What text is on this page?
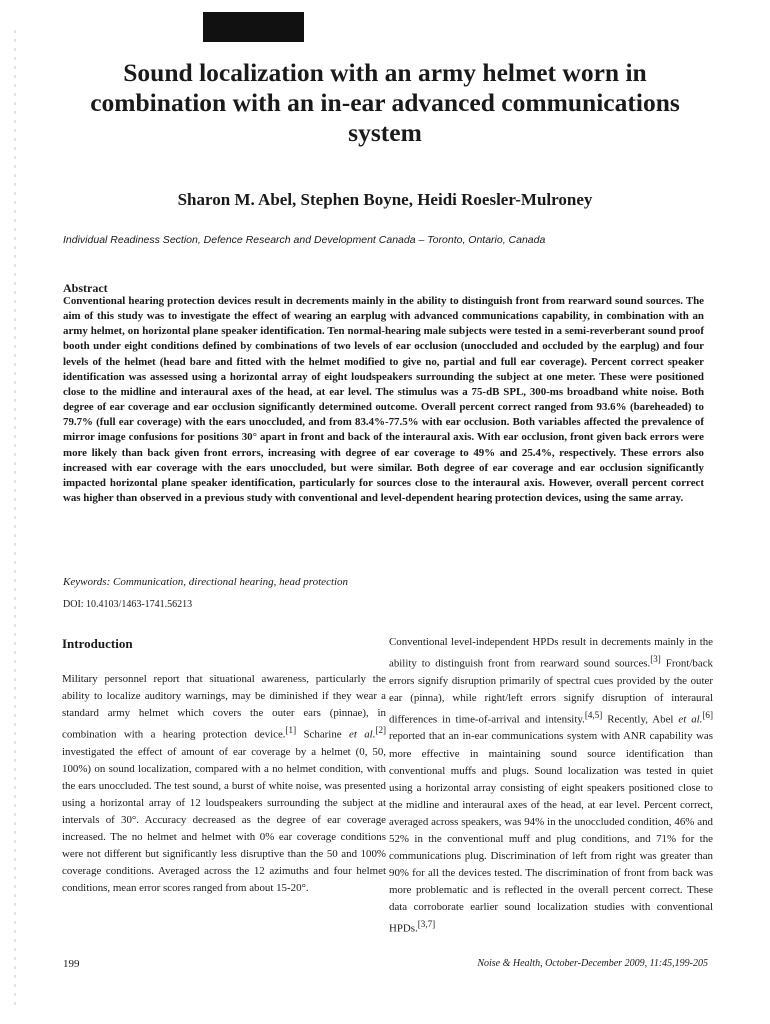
Sound localization with an army helmet worn in combination with an in-ear advanced communications system
Sharon M. Abel, Stephen Boyne, Heidi Roesler-Mulroney
Individual Readiness Section, Defence Research and Development Canada – Toronto, Ontario, Canada
Abstract
Conventional hearing protection devices result in decrements mainly in the ability to distinguish front from rearward sound sources. The aim of this study was to investigate the effect of wearing an earplug with advanced communications capability, in combination with an army helmet, on horizontal plane speaker identification. Ten normal-hearing male subjects were tested in a semi-reverberant sound proof booth under eight conditions defined by combinations of two levels of ear occlusion (unoccluded and occluded by the earplug) and four levels of the helmet (head bare and fitted with the helmet modified to give no, partial and full ear coverage). Percent correct speaker identification was assessed using a horizontal array of eight loudspeakers surrounding the subject at one meter. These were positioned close to the midline and interaural axes of the head, at ear level. The stimulus was a 75-dB SPL, 300-ms broadband white noise. Both degree of ear coverage and ear occlusion significantly determined outcome. Overall percent correct ranged from 93.6% (bareheaded) to 79.7% (full ear coverage) with the ears unoccluded, and from 83.4%-77.5% with ear occlusion. Both variables affected the prevalence of mirror image confusions for positions 30° apart in front and back of the interaural axis. With ear occlusion, front given back errors were more likely than back given front errors, increasing with degree of ear coverage to 49% and 25.4%, respectively. These errors also increased with ear coverage with the ears unoccluded, but were similar. Both degree of ear coverage and ear occlusion significantly impacted horizontal plane speaker identification, particularly for sources close to the interaural axis. However, overall percent correct was higher than observed in a previous study with conventional and level-dependent hearing protection devices, using the same array.
Keywords: Communication, directional hearing, head protection
DOI: 10.4103/1463-1741.56213
Introduction
Military personnel report that situational awareness, particularly the ability to localize auditory warnings, may be diminished if they wear a standard army helmet which covers the outer ears (pinnae), in combination with a hearing protection device.[1] Scharine et al.[2] investigated the effect of amount of ear coverage by a helmet (0, 50, 100%) on sound localization, compared with a no helmet condition, with the ears unoccluded. The test sound, a burst of white noise, was presented using a horizontal array of 12 loudspeakers surrounding the subject at intervals of 30°. Accuracy decreased as the degree of ear coverage increased. The no helmet and helmet with 0% ear coverage conditions were not different but significantly less disruptive than the 50 and 100% coverage conditions. Averaged across the 12 azimuths and four helmet conditions, mean error scores ranged from about 15-20°.
Conventional level-independent HPDs result in decrements mainly in the ability to distinguish front from rearward sound sources.[3] Front/back errors signify disruption primarily of spectral cues provided by the outer ear (pinna), while right/left errors signify disruption of interaural differences in time-of-arrival and intensity.[4,5] Recently, Abel et al.[6] reported that an in-ear communications system with ANR capability was more effective in maintaining sound source identification than conventional muffs and plugs. Sound localization was tested in quiet using a horizontal array consisting of eight speakers positioned close to the midline and interaural axes of the head, at ear level. Percent correct, averaged across speakers, was 94% in the unoccluded condition, 46% and 52% in the conventional muff and plug conditions, and 71% for the communications plug. Discrimination of left from right was greater than 90% for all the devices tested. The discrimination of front from back was more problematic and is reflected in the overall percent correct. These data corroborate earlier sound localization studies with conventional HPDs.[3,7]
199	Noise & Health, October-December 2009, 11:45,199-205
